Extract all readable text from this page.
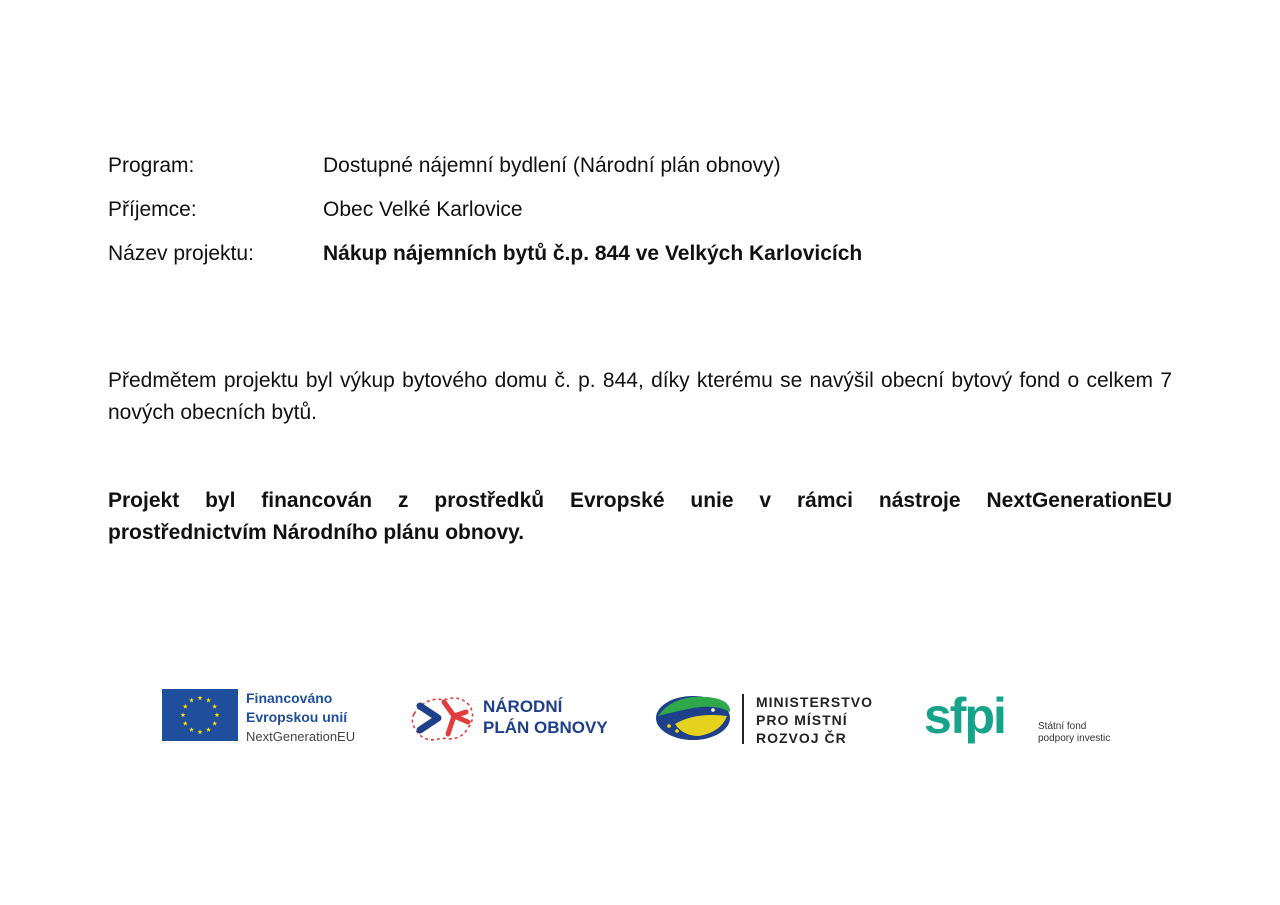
Program:	Dostupné nájemní bydlení (Národní plán obnovy)
Příjemce:	Obec Velké Karlovice
Název projektu:	Nákup nájemních bytů č.p. 844 ve Velkých Karlovicích

Předmětem projektu byl výkup bytového domu č. p. 844, díky kterému se navýšil obecní bytový fond o celkem 7 nových obecních bytů.

Projekt byl financován z prostředků Evropské unie v rámci nástroje NextGenerationEU
prostřednictvím Národního plánu obnovy.
Financováno
Evropskou unií
NextGenerationEU
NÁRODNÍ
PLÁN OBNOVY
MINISTERSTVO
PRO MÍSTNÍ
ROZVOJ ČR	sfpi	Státní fond
podpory investic
